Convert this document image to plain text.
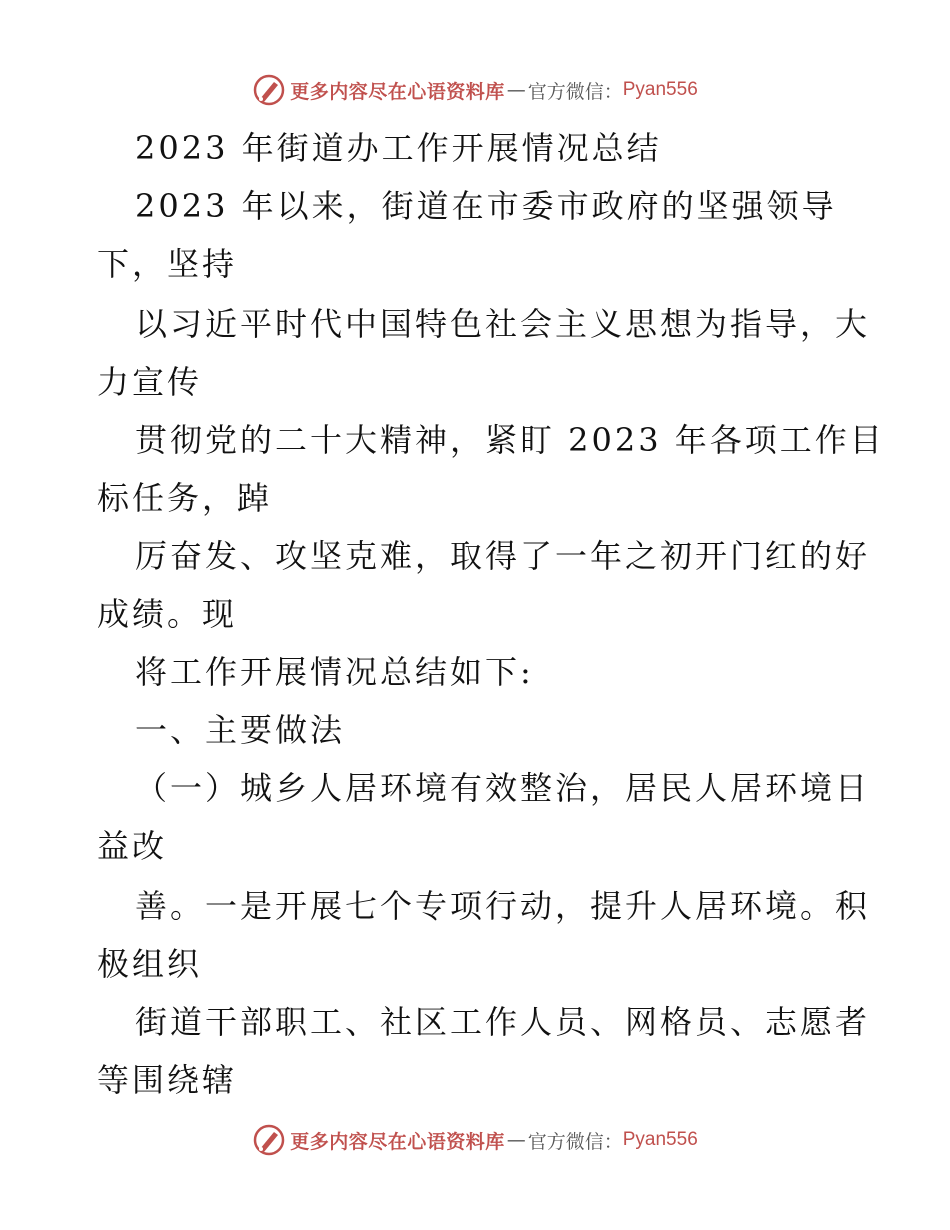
更多内容尽在心语资料库 — 官方微信： Pyan556
2023 年街道办工作开展情况总结
2023 年以来，街道在市委市政府的坚强领导
下，坚持
以习近平时代中国特色社会主义思想为指导，大
力宣传
贯彻党的二十大精神，紧盯 2023 年各项工作目
标任务，踔
厉奋发、攻坚克难，取得了一年之初开门红的好
成绩。现
将工作开展情况总结如下:
一、主要做法
（一）城乡人居环境有效整治，居民人居环境日
益改
善。一是开展七个专项行动，提升人居环境。积
极组织
街道干部职工、社区工作人员、网格员、志愿者
等围绕辖
更多内容尽在心语资料库 — 官方微信： Pyan556
